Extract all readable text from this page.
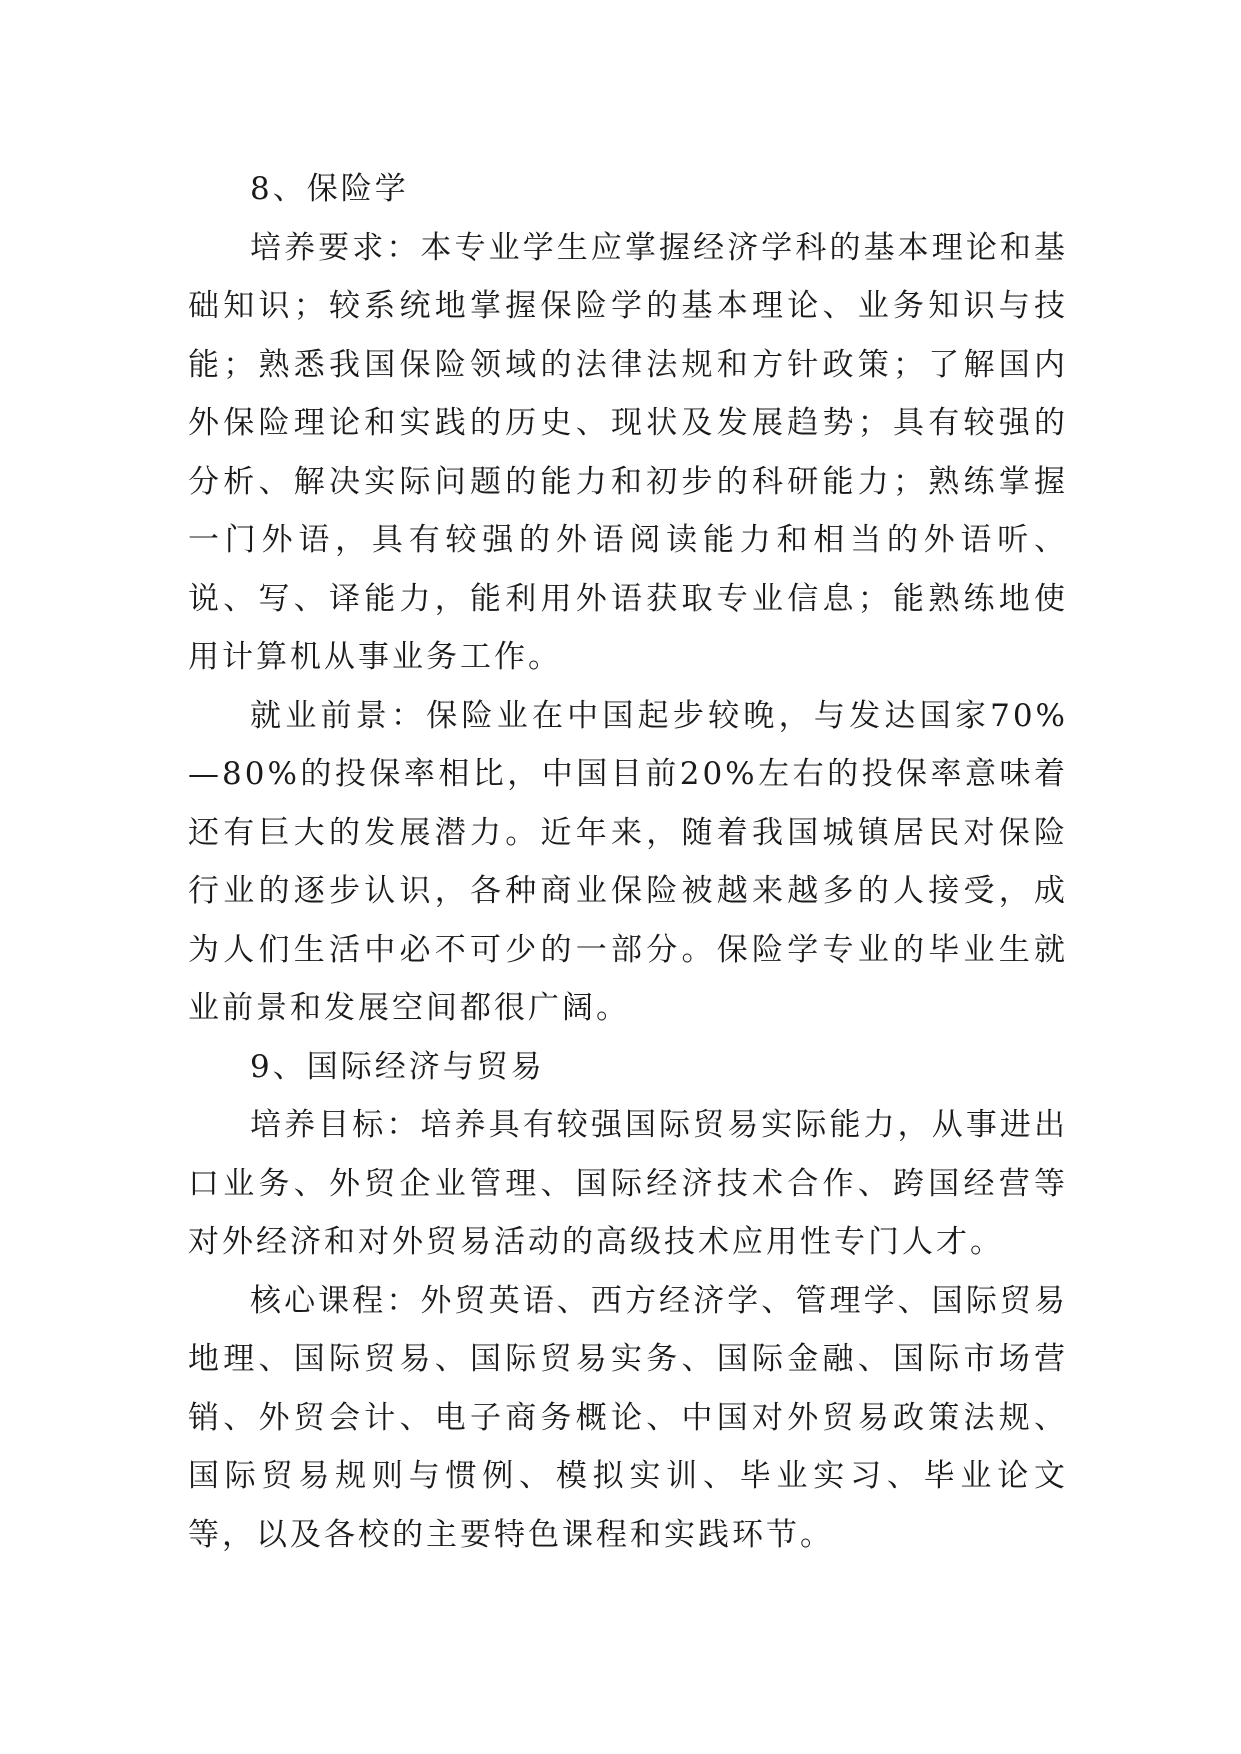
8、保险学

培养要求：本专业学生应掌握经济学科的基本理论和基础知识；较系统地掌握保险学的基本理论、业务知识与技能；熟悉我国保险领域的法律法规和方针政策；了解国内外保险理论和实践的历史、现状及发展趋势；具有较强的分析、解决实际问题的能力和初步的科研能力；熟练掌握一门外语，具有较强的外语阅读能力和相当的外语听、说、写、译能力，能利用外语获取专业信息；能熟练地使用计算机从事业务工作。

就业前景：保险业在中国起步较晚，与发达国家70%—80%的投保率相比，中国目前20%左右的投保率意味着还有巨大的发展潜力。近年来，随着我国城镇居民对保险行业的逐步认识，各种商业保险被越来越多的人接受，成为人们生活中必不可少的一部分。保险学专业的毕业生就业前景和发展空间都很广阔。

9、国际经济与贸易

培养目标：培养具有较强国际贸易实际能力，从事进出口业务、外贸企业管理、国际经济技术合作、跨国经营等对外经济和对外贸易活动的高级技术应用性专门人才。

核心课程：外贸英语、西方经济学、管理学、国际贸易地理、国际贸易、国际贸易实务、国际金融、国际市场营销、外贸会计、电子商务概论、中国对外贸易政策法规、国际贸易规则与惯例、模拟实训、毕业实习、毕业论文等，以及各校的主要特色课程和实践环节。
